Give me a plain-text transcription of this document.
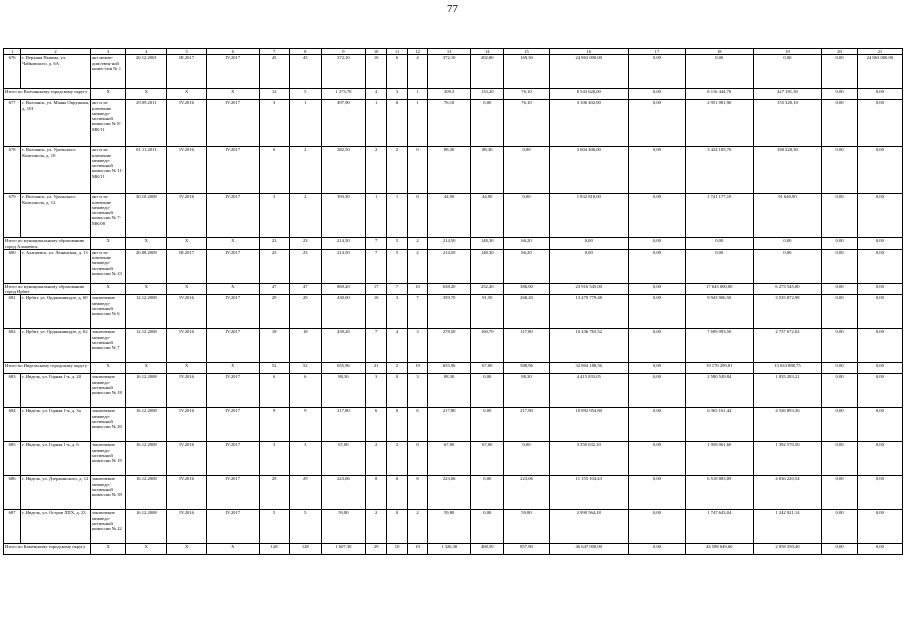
77
1	2	3	4	5	6	7	8	9	10	11	12	13	14	15	16	17	18	19	20	21
676	г. Верхняя Пышма, ул. Чайковского, д. 6А	акт межве-домствен-ной комис-сии № 1	20.12.2001	III.2017	IV.2017	45	45	372,10	10	6	4	372,10	202,80	169,30	24 863 000,00	0,00	0,00	0,00	0,00	24 863 000,00
Итого по Волчанскому городскому округу		X	X	X	X	12	5	1 273,70	4	3	1	209,3	133,20	76,10	8 543 626,00	0,00	8 116 444,70	427 181,30	0,00	0,00
677	г. Волчанск, ул. Маяна Опрушная, д. 101	акт и за-ключение межведо-мственной комиссии № 8-МК/11	29.09.2011	IV.2016	IV.2017	3	1	497,90	1	0	1	76,10	0,00	76,10	3 106 402,00	0,00	2 951 081,90	155 320,10	0,00	0,00
678	г. Волчанск, ул. Уральского Комсомола, д. 10	акт и за-ключение межведо-мственной комиссии № 11-МК/11	01.11.2011	IV.2016	IV.2017	6	2	382,50	2	2	0	88,30	88,30	0,00	3 604 406,00	0,00	3 424 185,70	180 220,30	0,00	0,00
679	г. Волчанск, ул. Уральского Комсомола, д. 12	акт и за-ключение межведо-мственной комиссии № 7-МК/08	30.10.2008	IV.2016	IV.2017	3	2	393,30	1	1	0	44,90	44,90	0,00	1 832 818,00	0,00	1 741 177,10	91 640,90	0,00	0,00
Итого по муниципальному образованию город Алапаевск		X	X	X	X	23	23	214,50	7	5	2	214,50	148,30	66,20	0,00	0,00	0,00	0,00	0,00	0,00
680	г. Алапаевск, ул. Ленинская, д. 13	акт и за-ключение межведо-мственной комиссии № 23	20.08.2009	III.2017	IV.2017	23	23	214,50	7	5	2	214,50	148,30	66,20	0,00	0,00	0,00	0,00	0,00	0,00
Итого по муниципальному образованию город Ирбит		X	X	X	X	47	47	869,20	17	7	10	638,20	252,20	386,00	23 916 545,00	0,00	17 643 000,00	6 273 545,00	0,00	0,00
681	г. Ирбит, ул. Орджоникидзе, д. 60	заключение межведо-мственной комиссии № 6	12.12.2008	IV.2016	IV.2017	29	29	430,00	10	3	7	359,70	91,50	268,20	13 479 779,48	0,00	9 943 906,50	3 535 872,98	0,00	0,00
682	г. Ирбит, ул. Орджоникидзе, д. 62	заключение межведо-мственной комиссии № 7	12.12.2008	IV.2016	IV.2017	18	18	439,20	7	4	3	278,50	160,70	117,80	10 436 765,52	0,00	7 699 093,50	2 737 672,02	0,00	0,00
Итого по Ивдельскому городскому округу		X	X	X	X	52	52	655,96	21	2	19	655,96	67,00	588,96	32 804 188,56	0,00	19 170 299,81	13 633 888,75	0,00	0,00
683	г. Ивдель, ул. Горная 1-я, д. 20	заключение межведо-мственной комиссии № 18	16.12.2008	IV.2016	IV.2017	6	6	88,30	3	0	3	88,30	0,00	88,30	4 415 833,05	0,00	2 580 549,84	1 835 283,21	0,00	0,00
684	г. Ивдель, ул. Горная 1-я, д. 3а	заключение межведо-мственной комиссии № 20	16.12.2008	IV.2016	IV.2017	9	9	217,80	6	0	6	217,80	0,00	217,80	10 892 054,80	0,00	6 365 161,44	4 526 893,36	0,00	0,00
685	г. Ивдель, ул. Горная 1-я, д. 6	заключение межведо-мственной комиссии № 19	16.12.2008	IV.2016	IV.2017	3	3	67,00	2	2	0	67,00	67,00	0,00	3 350 632,10	0,00	1 958 061,60	1 392 570,50	0,00	0,00
686	г. Ивдель, ул. Дзержинского, д. 12	заключение межведо-мственной комиссии № 39	16.12.2008	IV.2016	IV.2017	29	29	223,06	8	0	8	223,06	0,00	223,06	11 155 104,43	0,00	6 518 883,89	4 636 220,54	0,00	0,00
687	г. Ивдель, ул. Остров ЛПХ, д. 23	заключение межведо-мственной комиссии № 22	16.12.2008	IV.2016	IV.2017	5	5	59,80	2	0	2	59,80	0,00	59,80	2 990 564,18	0,00	1 747 643,04	1 242 921,14	0,00	0,00
Итого по Каменскому городскому округу		X	X	X	X	128	128	1 607,30	29	10	19	1 326,30	468,50	857,80	46 647 000,00	0,00	44 588 649,60	2 058 350,40	0,00	0,00
